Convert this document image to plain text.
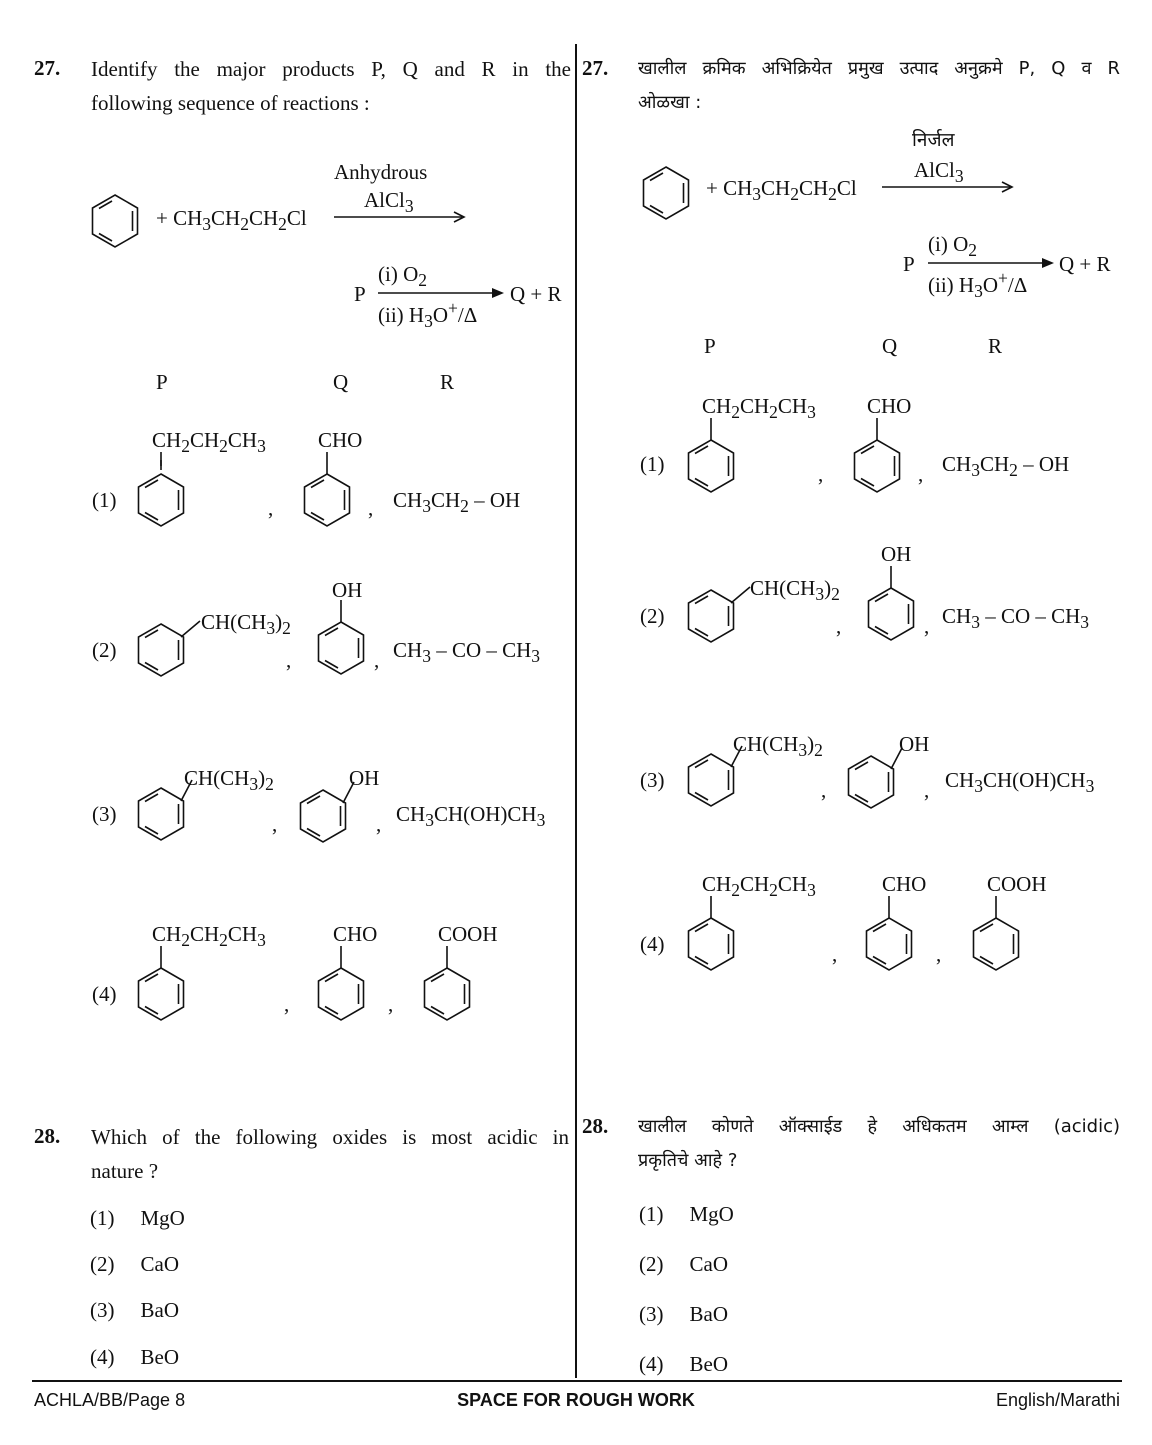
27. Identify the major products P, Q and R in the
following sequence of reactions :
+ $CH_3CH_2CH_2Cl$
Anhydrous
AlCl$_3$
P
(i) $O_2$
(ii) $H_3O^+/\Delta$
Q + R
P	Q	R
(1)
$CH_2CH_2CH_3$
,
CHO
, $CH_3CH_2$ – OH
(2)
$CH(CH_3)_2$
,
OH
, $CH_3$ – CO – $CH_3$
(3)
$CH(CH_3)_2$
,
OH
, $CH_3CH(OH)CH_3$
(4)
$CH_2CH_2CH_3$
,
CHO
,
COOH
28. Which of the following oxides is most acidic in
nature ?
(1) MgO
(2) CaO
(3) BaO
(4) BeO
27. खालील क्रमिक अभिक्रियेत प्रमुख उत्पाद अनुक्रमे P, Q व R
ओळखा :
+ $CH_3CH_2CH_2Cl$
निर्जल
AlCl$_3$
P
(i) $O_2$
(ii) $H_3O^+/\Delta$
Q + R
P	Q	R
(1)
$CH_2CH_2CH_3$
,
CHO
, $CH_3CH_2$ – OH
(2)
$CH(CH_3)_2$
,
OH
, $CH_3$ – CO – $CH_3$
(3)
$CH(CH_3)_2$
,
OH
, $CH_3CH(OH)CH_3$
(4)
$CH_2CH_2CH_3$
,
CHO
,
COOH
28. खालील कोणते ऑक्साईड हे अधिकतम आम्ल (acidic)
प्रकृतिचे आहे ?
(1) MgO
(2) CaO
(3) BaO
(4) BeO
ACHLA/BB/Page 8	SPACE FOR ROUGH WORK	English/Marathi
